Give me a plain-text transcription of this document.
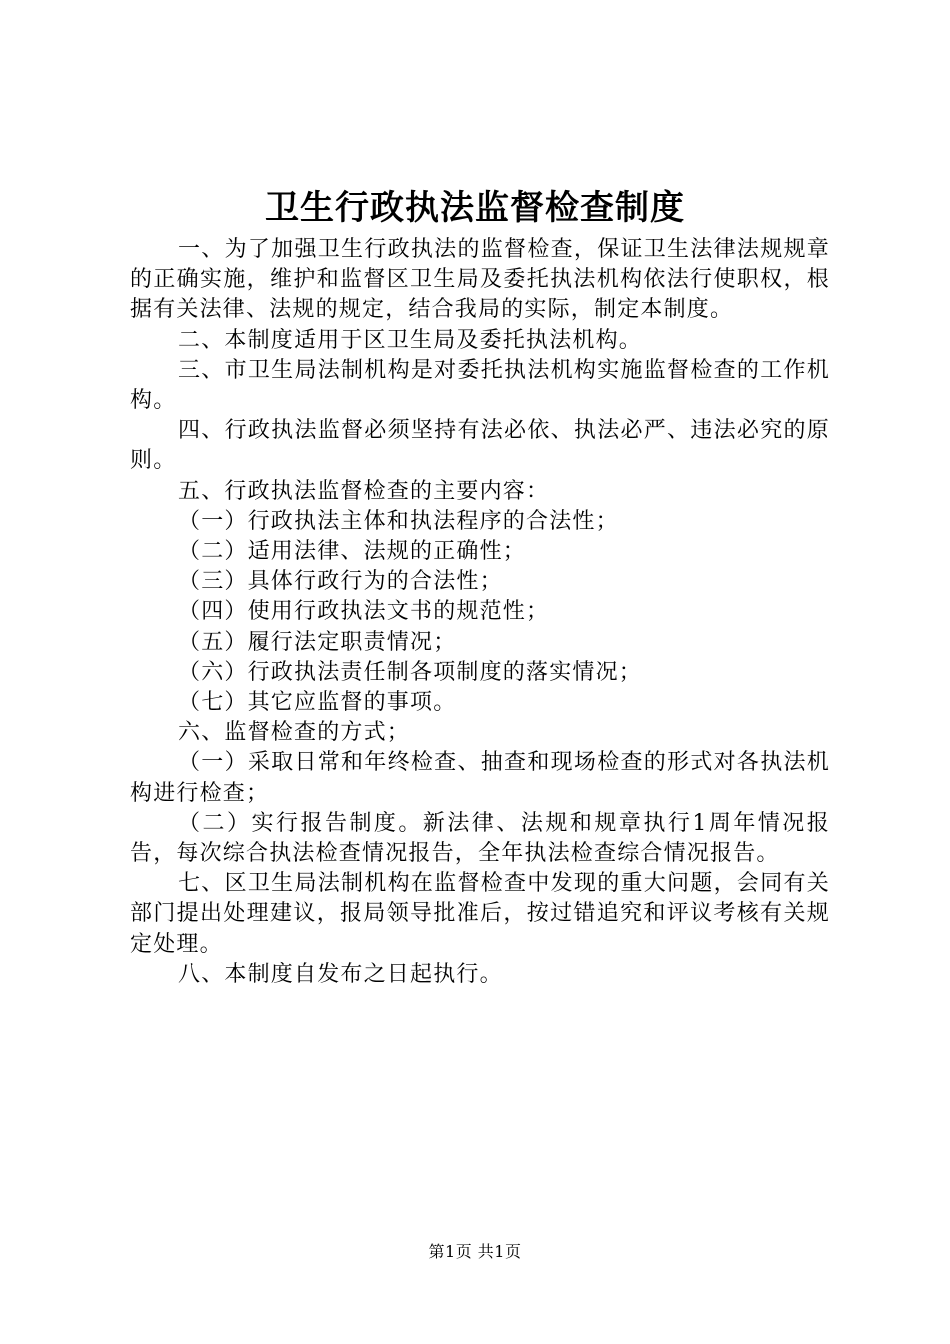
卫生行政执法监督检查制度

一、为了加强卫生行政执法的监督检查，保证卫生法律法规规章的正确实施，维护和监督区卫生局及委托执法机构依法行使职权，根据有关法律、法规的规定，结合我局的实际，制定本制度。

二、本制度适用于区卫生局及委托执法机构。

三、市卫生局法制机构是对委托执法机构实施监督检查的工作机构。

四、行政执法监督必须坚持有法必依、执法必严、违法必究的原则。

五、行政执法监督检查的主要内容：

（一）行政执法主体和执法程序的合法性；

（二）适用法律、法规的正确性；

（三）具体行政行为的合法性；

（四）使用行政执法文书的规范性；

（五）履行法定职责情况；

（六）行政执法责任制各项制度的落实情况；

（七）其它应监督的事项。

六、监督检查的方式；

（一）采取日常和年终检查、抽查和现场检查的形式对各执法机构进行检查；

（二）实行报告制度。新法律、法规和规章执行1周年情况报告，每次综合执法检查情况报告，全年执法检查综合情况报告。

七、区卫生局法制机构在监督检查中发现的重大问题，会同有关部门提出处理建议，报局领导批准后，按过错追究和评议考核有关规定处理。

八、本制度自发布之日起执行。

第1页 共1页
